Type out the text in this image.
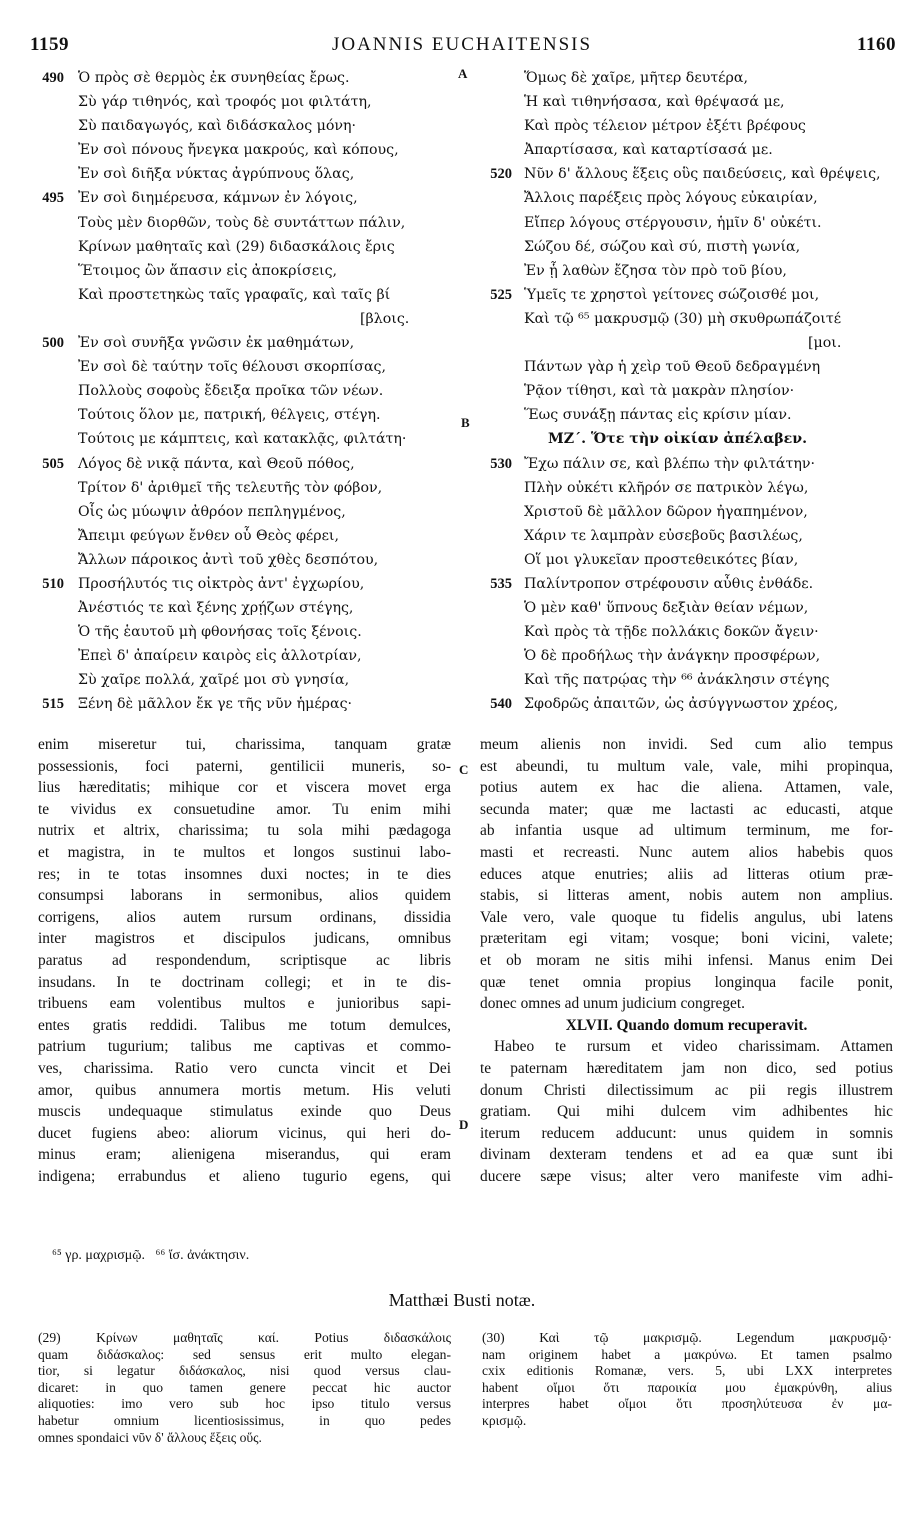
1159	JOANNIS EUCHAITENSIS	1160
490 Ὁ πρὸς σὲ θερμὸς ἐκ συνηθείας ἔρως.
Σὺ γάρ τιθηνός, καὶ τροφός μοι φιλτάτη,
Σὺ παιδαγωγός, καὶ διδάσκαλος μόνη·
Ἐν σοὶ πόνους ἤνεγκα μακρούς, καὶ κόπους,
Ἐν σοὶ διῆξα νύκτας ἀγρύπνους ὅλας,
495 Ἐν σοὶ διημέρευσα, κάμνων ἐν λόγοις,
Τοὺς μὲν διορθῶν, τοὺς δὲ συντάττων πάλιν,
Κρίνων μαθηταῖς καὶ (29) διδασκάλοις ἔρις
Ἕτοιμος ὢν ἅπασιν εἰς ἀποκρίσεις,
Καὶ προστετηκὼς ταῖς γραφαῖς, καὶ ταῖς βί
[βλοις.
500 Ἐν σοὶ συνῆξα γνῶσιν ἐκ μαθημάτων,
Ἐν σοὶ δὲ ταύτην τοῖς θέλουσι σκορπίσας,
Πολλοὺς σοφοὺς ἔδειξα προῖκα τῶν νέων.
Τούτοις ὅλον με, πατρική, θέλγεις, στέγη.
Τούτοις με κάμπτεις, καὶ κατακλᾷς, φιλτάτη·
505 Λόγος δὲ νικᾷ πάντα, καὶ Θεοῦ πόθος,
Τρίτον δ' ἀριθμεῖ τῆς τελευτῆς τὸν φόβον,
Οἷς ὡς μύωψιν ἀθρόον πεπληγμένος,
Ἄπειμι φεύγων ἔνθεν οὗ Θεὸς φέρει,
Ἄλλων πάροικος ἀντὶ τοῦ χθὲς δεσπότου,
510 Προσήλυτός τις οἰκτρὸς ἀντ' ἐγχωρίου,
Ἀνέστιός τε καὶ ξένης χρῄζων στέγης,
Ὁ τῆς ἑαυτοῦ μὴ φθονήσας τοῖς ξένοις.
Ἐπεὶ δ' ἀπαίρειν καιρὸς εἰς ἀλλοτρίαν,
Σὺ χαῖρε πολλά, χαῖρέ μοι σὺ γνησία,
515 Ξένη δὲ μᾶλλον ἔκ γε τῆς νῦν ἡμέρας·
Ὅμως δὲ χαῖρε, μῆτερ δευτέρα,
Ἡ καὶ τιθηνήσασα, καὶ θρέψασά με,
Καὶ πρὸς τέλειον μέτρον ἐξέτι βρέφους
Ἀπαρτίσασα, καὶ καταρτίσασά με.
520 Νῦν δ' ἄλλους ἕξεις οὓς παιδεύσεις, καὶ θρέψεις,
Ἄλλοις παρέξεις πρὸς λόγους εὐκαιρίαν,
Εἴπερ λόγους στέργουσιν, ἡμῖν δ' οὐκέτι.
Σώζου δέ, σώζου καὶ σύ, πιστὴ γωνία,
Ἐν ᾗ λαθὼν ἔζησα τὸν πρὸ τοῦ βίου,
525 Ὑμεῖς τε χρηστοὶ γείτονες σώζοισθέ μοι,
Καὶ τῷ ⁶⁵ μακρυσμῷ (30) μὴ σκυθρωπάζοιτέ
[μοι.
Πάντων γὰρ ἡ χεὶρ τοῦ Θεοῦ δεδραγμένη
Ῥᾷον τίθησι, καὶ τὰ μακρὰν πλησίον·
Ἕως συνάξῃ πάντας εἰς κρίσιν μίαν.
ΜΖ΄. Ὅτε τὴν οἰκίαν ἀπέλαβεν.
530 Ἔχω πάλιν σε, καὶ βλέπω τὴν φιλτάτην·
Πλὴν οὐκέτι κλῆρόν σε πατρικὸν λέγω,
Χριστοῦ δὲ μᾶλλον δῶρον ἠγαπημένον,
Χάριν τε λαμπρὰν εὐσεβοῦς βασιλέως,
Οἵ μοι γλυκεῖαν προστεθεικότες βίαν,
535 Παλίντροπον στρέφουσιν αὖθις ἐνθάδε.
Ὁ μὲν καθ' ὕπνους δεξιὰν θείαν νέμων,
Καὶ πρὸς τὰ τῇδε πολλάκις δοκῶν ἄγειν·
Ὁ δὲ προδήλως τὴν ἀνάγκην προσφέρων,
Καὶ τῆς πατρῴας τὴν ⁶⁶ ἀνάκλησιν στέγης
540 Σφοδρῶς ἀπαιτῶν, ὡς ἀσύγγνωστον χρέος,
A
B
C
D
enim miseretur tui, charissima, tanquam gratæ
possessionis, foci paterni, gentilicii muneris, so-
lius hæreditatis; mihique cor et viscera movet erga
te vividus ex consuetudine amor. Tu enim mihi
nutrix et altrix, charissima; tu sola mihi pædagoga
et magistra, in te multos et longos sustinui labo-
res; in te totas insomnes duxi noctes; in te dies
consumpsi laborans in sermonibus, alios quidem
corrigens, alios autem rursum ordinans, dissidia
inter magistros et discipulos judicans, omnibus
paratus ad respondendum, scriptisque ac libris
insudans. In te doctrinam collegi; et in te dis-
tribuens eam volentibus multos e junioribus sapi-
entes gratis reddidi. Talibus me totum demulces,
patrium tugurium; talibus me captivas et commo-
ves, charissima. Ratio vero cuncta vincit et Dei
amor, quibus annumera mortis metum. His veluti
muscis undequaque stimulatus exinde quo Deus
ducet fugiens abeo: aliorum vicinus, qui heri do-
minus eram; alienigena miserandus, qui eram
indigena; errabundus et alieno tugurio egens, qui
meum alienis non invidi. Sed cum alio tempus
est abeundi, tu multum vale, vale, mihi propinqua,
potius autem ex hac die aliena. Attamen, vale,
secunda mater; quæ me lactasti ac educasti, atque
ab infantia usque ad ultimum terminum, me for-
masti et recreasti. Nunc autem alios habebis quos
educes atque enutries; aliis ad litteras otium præ-
stabis, si litteras ament, nobis autem non amplius.
Vale vero, vale quoque tu fidelis angulus, ubi latens
præteritam egi vitam; vosque; boni vicini, valete;
et ob moram ne sitis mihi infensi. Manus enim Dei
quæ tenet omnia propius longinqua facile ponit,
donec omnes ad unum judicium congreget.
XLVII. Quando domum recuperavit.
Habeo te rursum et video charissimam. Attamen
te paternam hæreditatem jam non dico, sed potius
donum Christi dilectissimum ac pii regis illustrem
gratiam. Qui mihi dulcem vim adhibentes hic
iterum reducem adducunt: unus quidem in somnis
divinam dexteram tendens et ad ea quæ sunt ibi
ducere sæpe visus; alter vero manifeste vim adhi-
⁶⁵ γρ. μαχρισμῷ.   ⁶⁶ ἴσ. ἀνάκτησιν.
Matthæi Busti notæ.
(29) Κρίνων μαθηταῖς καί. Potius διδασκάλοις
quam διδάσκαλος: sed sensus erit multo elegan-
tior, si legatur διδάσκαλος, nisi quod versus clau-
dicaret: in quo tamen genere peccat hic auctor
aliquoties: imo vero sub hoc ipso titulo versus
habetur omnium licentiosissimus, in quo pedes
omnes spondaici νῦν δ' ἄλλους ἕξεις οὕς.
(30) Καὶ τῷ μακρισμῷ. Legendum μακρυσμῷ·
nam originem habet a μακρύνω. Et tamen psalmo
cxix editionis Romanæ, vers. 5, ubi LXX interpretes
habent οἴμοι ὅτι παροικία μου ἐμακρύνθη, alius
interpres habet οἴμοι ὅτι προσηλύτευσα ἐν μα-
κρισμῷ.
